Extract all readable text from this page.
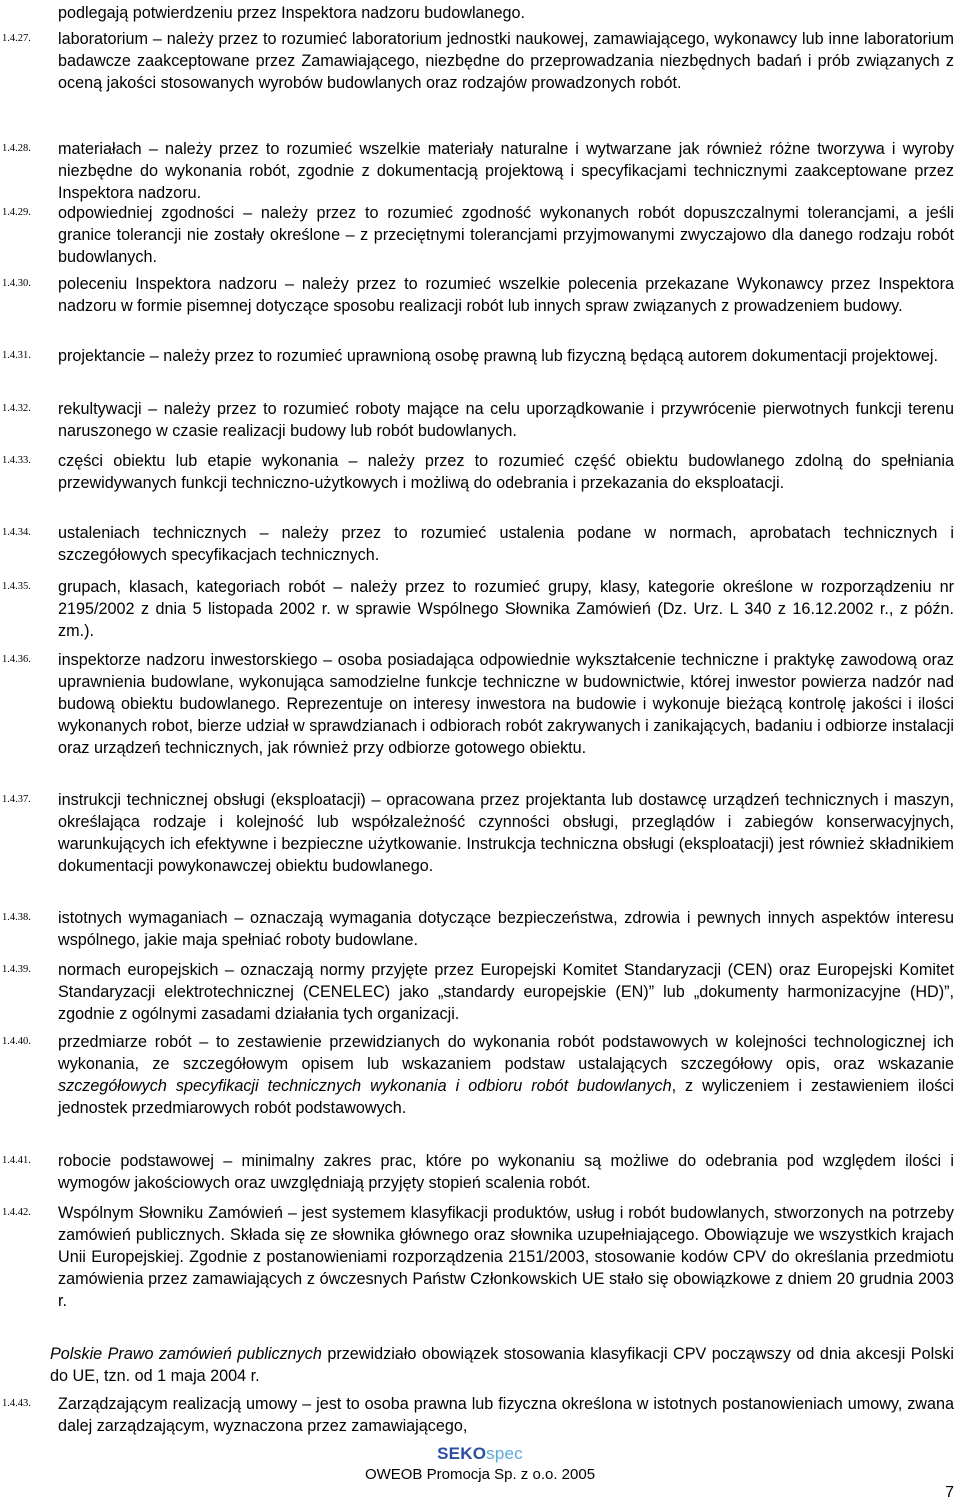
podlegają potwierdzeniu przez Inspektora nadzoru budowlanego.
1.4.27.	laboratorium – należy przez to rozumieć laboratorium jednostki naukowej, zamawiającego, wykonawcy lub inne laboratorium badawcze zaakceptowane przez Zamawiającego, niezbędne do przeprowadzania niezbędnych badań i prób związanych z oceną jakości stosowanych wyrobów budowlanych oraz rodzajów prowadzonych robót.
1.4.28.	materiałach – należy przez to rozumieć wszelkie materiały naturalne i wytwarzane jak również różne tworzywa i wyroby niezbędne do wykonania robót, zgodnie z dokumentacją projektową i specyfikacjami technicznymi zaakceptowane przez Inspektora nadzoru.
1.4.29.	odpowiedniej zgodności – należy przez to rozumieć zgodność wykonanych robót dopuszczalnymi tolerancjami, a jeśli granice tolerancji nie zostały określone – z przeciętnymi tolerancjami przyjmowanymi zwyczajowo dla danego rodzaju robót budowlanych.
1.4.30.	poleceniu Inspektora nadzoru – należy przez to rozumieć wszelkie polecenia przekazane Wykonawcy przez Inspektora nadzoru w formie pisemnej dotyczące sposobu realizacji robót lub innych spraw związanych z prowadzeniem budowy.
1.4.31.	projektancie – należy przez to rozumieć uprawnioną osobę prawną lub fizyczną będącą autorem dokumentacji projektowej.
1.4.32.	rekultywacji – należy przez to rozumieć roboty mające na celu uporządkowanie i przywrócenie pierwotnych funkcji terenu naruszonego w czasie realizacji budowy lub robót budowlanych.
1.4.33.	części obiektu lub etapie wykonania – należy przez to rozumieć część obiektu budowlanego zdolną do spełniania przewidywanych funkcji techniczno-użytkowych i możliwą do odebrania i przekazania do eksploatacji.
1.4.34.	ustaleniach technicznych – należy przez to rozumieć ustalenia podane w normach, aprobatach technicznych i szczegółowych specyfikacjach technicznych.
1.4.35.	grupach, klasach, kategoriach robót – należy przez to rozumieć grupy, klasy, kategorie określone w rozporządzeniu nr 2195/2002 z dnia 5 listopada 2002 r. w sprawie Wspólnego Słownika Zamówień (Dz. Urz. L 340 z 16.12.2002 r., z późn. zm.).
1.4.36.	inspektorze nadzoru inwestorskiego – osoba posiadająca odpowiednie wykształcenie techniczne i praktykę zawodową oraz uprawnienia budowlane, wykonująca samodzielne funkcje techniczne w budownictwie, której inwestor powierza nadzór nad budową obiektu budowlanego. Reprezentuje on interesy inwestora na budowie i wykonuje bieżącą kontrolę jakości i ilości wykonanych robot, bierze udział w sprawdzianach i odbiorach robót zakrywanych i zanikających, badaniu i odbiorze instalacji oraz urządzeń technicznych, jak również przy odbiorze gotowego obiektu.
1.4.37.	instrukcji technicznej obsługi (eksploatacji) – opracowana przez projektanta lub dostawcę urządzeń technicznych i maszyn, określająca rodzaje i kolejność lub współzależność czynności obsługi, przeglądów i zabiegów konserwacyjnych, warunkujących ich efektywne i bezpieczne użytkowanie. Instrukcja techniczna obsługi (eksploatacji) jest również składnikiem dokumentacji powykonawczej obiektu budowlanego.
1.4.38.	istotnych wymaganiach – oznaczają wymagania dotyczące bezpieczeństwa, zdrowia i pewnych innych aspektów interesu wspólnego, jakie maja spełniać roboty budowlane.
1.4.39.	normach europejskich – oznaczają normy przyjęte przez Europejski Komitet Standaryzacji (CEN) oraz Europejski Komitet Standaryzacji elektrotechnicznej (CENELEC) jako „standardy europejskie (EN)” lub „dokumenty harmonizacyjne (HD)”, zgodnie z ogólnymi zasadami działania tych organizacji.
1.4.40.	przedmiarze robót – to zestawienie przewidzianych do wykonania robót podstawowych w kolejności technologicznej ich wykonania, ze szczegółowym opisem lub wskazaniem podstaw ustalających szczegółowy opis, oraz wskazanie szczegółowych specyfikacji technicznych wykonania i odbioru robót budowlanych, z wyliczeniem i zestawieniem ilości jednostek przedmiarowych robót podstawowych.
1.4.41.	robocie podstawowej – minimalny zakres prac, które po wykonaniu są możliwe do odebrania pod względem ilości i wymogów jakościowych oraz uwzględniają przyjęty stopień scalenia robót.
1.4.42.	Wspólnym Słowniku Zamówień – jest systemem klasyfikacji produktów, usług i robót budowlanych, stworzonych na potrzeby zamówień publicznych. Składa się ze słownika głównego oraz słownika uzupełniającego. Obowiązuje we wszystkich krajach Unii Europejskiej. Zgodnie z postanowieniami rozporządzenia 2151/2003, stosowanie kodów CPV do określania przedmiotu zamówienia przez zamawiających z ówczesnych Państw Członkowskich UE stało się obowiązkowe z dniem 20 grudnia 2003 r.
Polskie Prawo zamówień publicznych przewidziało obowiązek stosowania klasyfikacji CPV począwszy od dnia akcesji Polski do UE, tzn. od 1 maja 2004 r.
1.4.43.	Zarządzającym realizacją umowy – jest to osoba prawna lub fizyczna określona w istotnych postanowieniach umowy, zwana dalej zarządzającym, wyznaczona przez zamawiającego,
SEKOspec
OWEOB Promocja Sp. z o.o. 2005
7
